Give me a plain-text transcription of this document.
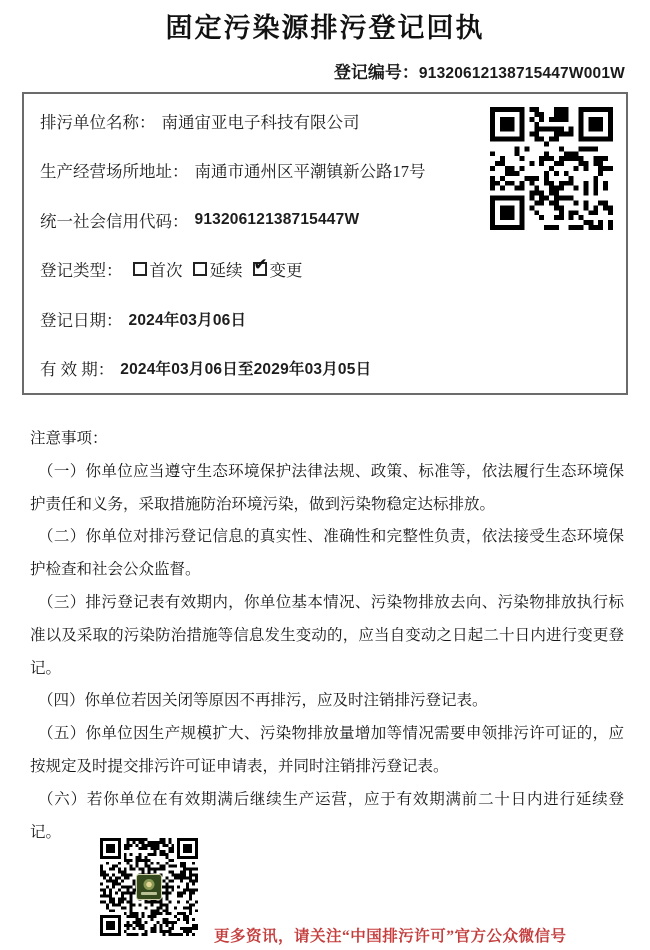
固定污染源排污登记回执
登记编号：91320612138715447W001W
排污单位名称： 南通宙亚电子科技有限公司
生产经营场所地址： 南通市通州区平潮镇新公路17号
统一社会信用代码： 91320612138715447W
登记类型： 首次 延续 ✔ 变更
登记日期： 2024年03月06日
有 效 期： 2024年03月06日至2029年03月05日

注意事项：

（一）你单位应当遵守生态环境保护法律法规、政策、标准等，依法履行生态环境保护责任和义务，采取措施防治环境污染，做到污染物稳定达标排放。

（二）你单位对排污登记信息的真实性、准确性和完整性负责，依法接受生态环境保护检查和社会公众监督。

（三）排污登记表有效期内，你单位基本情况、污染物排放去向、污染物排放执行标准以及采取的污染防治措施等信息发生变动的，应当自变动之日起二十日内进行变更登记。

（四）你单位若因关闭等原因不再排污，应及时注销排污登记表。

（五）你单位因生产规模扩大、污染物排放量增加等情况需要申领排污许可证的，应按规定及时提交排污许可证申请表，并同时注销排污登记表。

（六）若你单位在有效期满后继续生产运营，应于有效期满前二十日内进行延续登记。

更多资讯，请关注“中国排污许可”官方公众微信号
